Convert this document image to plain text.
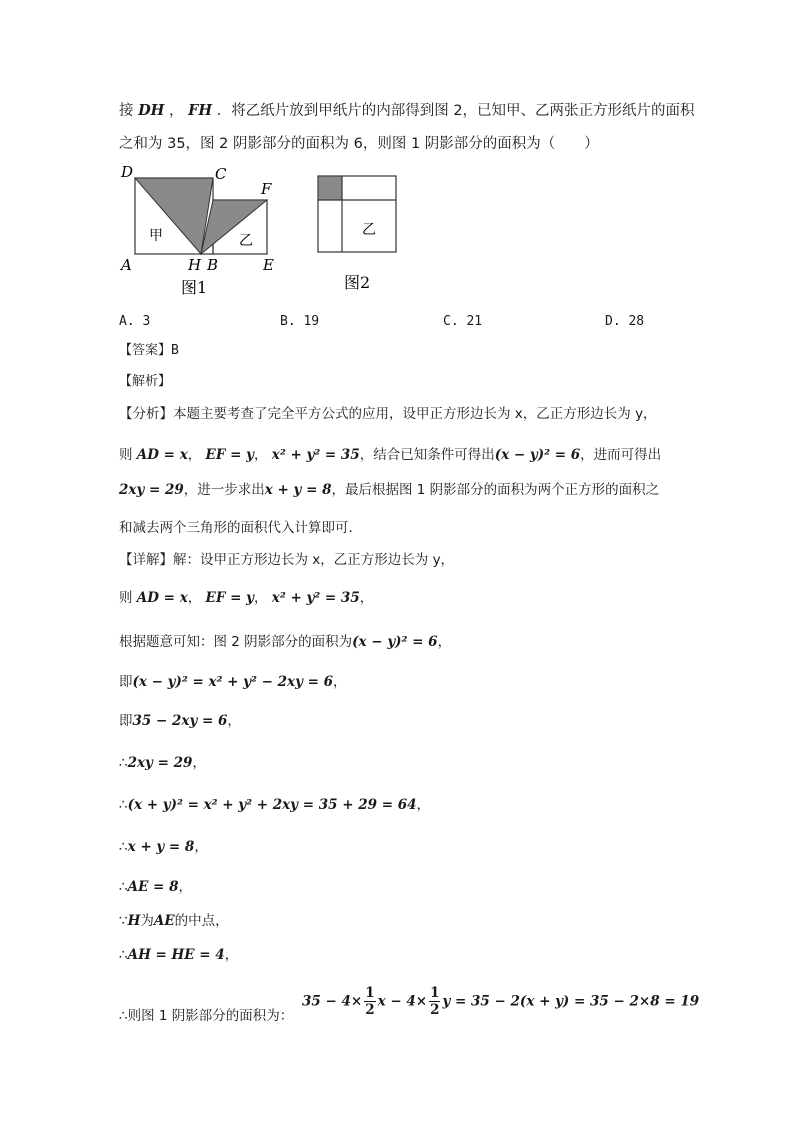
接 DH ， FH ．将乙纸片放到甲纸片的内部得到图 2，已知甲、乙两张正方形纸片的面积
之和为 35，图 2 阴影部分的面积为 6，则图 1 阴影部分的面积为（　　）
D	C
F
A	H B	E
甲	乙
图1
乙
图2
A. 3	B. 19	C. 21	D. 28
【答案】B
【解析】
【分析】本题主要考查了完全平方公式的应用，设甲正方形边长为 x，乙正方形边长为 y，
则 AD = x， EF = y， x² + y² = 35，结合已知条件可得出(x − y)² = 6，进而可得出
2xy = 29，进一步求出x + y = 8，最后根据图 1 阴影部分的面积为两个正方形的面积之
和减去两个三角形的面积代入计算即可．
【详解】解：设甲正方形边长为 x，乙正方形边长为 y，
则 AD = x， EF = y， x² + y² = 35，
根据题意可知：图 2 阴影部分的面积为(x − y)² = 6，
即(x − y)² = x² + y² − 2xy = 6，
即35 − 2xy = 6，
∴2xy = 29，
∴(x + y)² = x² + y² + 2xy = 35 + 29 = 64，
∴x + y = 8，
∴AE = 8，
∵H为AE的中点，
∴AH = HE = 4，
∴则图 1 阴影部分的面积为：
$35 - 4\times \frac{1}{2}$ $x - 4\times \frac{1}{2}$ y = 35 − 2(x + y) = 35 − 2×8 = 19
